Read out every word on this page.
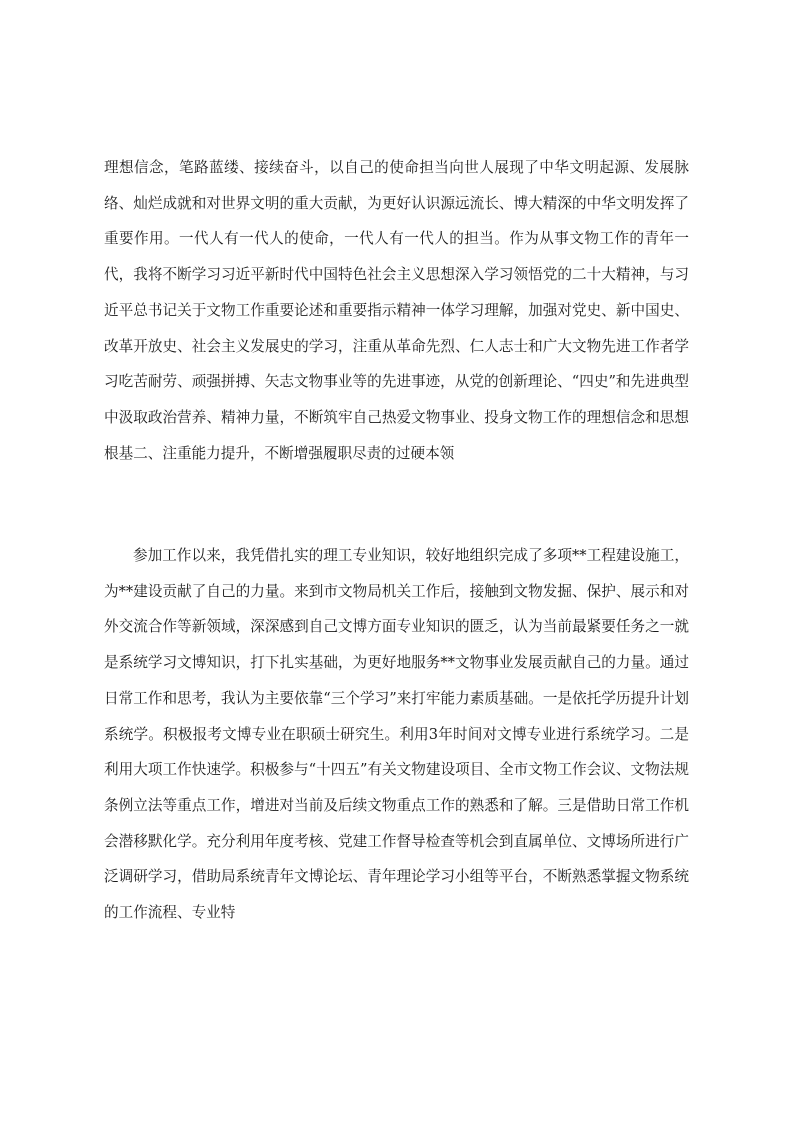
理想信念，笔路蓝缕、接续奋斗，以自己的使命担当向世人展现了中华文明起源、发展脉络、灿烂成就和对世界文明的重大贡献，为更好认识源远流长、博大精深的中华文明发挥了重要作用。一代人有一代人的使命，一代人有一代人的担当。作为从事文物工作的青年一代，我将不断学习习近平新时代中国特色社会主义思想深入学习领悟党的二十大精神，与习近平总书记关于文物工作重要论述和重要指示精神一体学习理解，加强对党史、新中国史、改革开放史、社会主义发展史的学习，注重从革命先烈、仁人志士和广大文物先进工作者学习吃苦耐劳、顽强拼搏、矢志文物事业等的先进事迹，从党的创新理论、“四史”和先进典型中汲取政治营养、精神力量，不断筑牢自己热爱文物事业、投身文物工作的理想信念和思想根基二、注重能力提升，不断增强履职尽责的过硬本领

参加工作以来，我凭借扎实的理工专业知识，较好地组织完成了多项**工程建设施工，为**建设贡献了自己的力量。来到市文物局机关工作后，接触到文物发掘、保护、展示和对外交流合作等新领域，深深感到自己文博方面专业知识的匮乏，认为当前最紧要任务之一就是系统学习文博知识，打下扎实基础，为更好地服务**文物事业发展贡献自己的力量。通过日常工作和思考，我认为主要依靠“三个学习”来打牢能力素质基础。一是依托学历提升计划系统学。积极报考文博专业在职硕士研究生。利用3年时间对文博专业进行系统学习。二是利用大项工作快速学。积极参与“十四五”有关文物建设项目、全市文物工作会议、文物法规条例立法等重点工作，增进对当前及后续文物重点工作的熟悉和了解。三是借助日常工作机会潜移默化学。充分利用年度考核、党建工作督导检查等机会到直属单位、文博场所进行广泛调研学习，借助局系统青年文博论坛、青年理论学习小组等平台，不断熟悉掌握文物系统的工作流程、专业特
